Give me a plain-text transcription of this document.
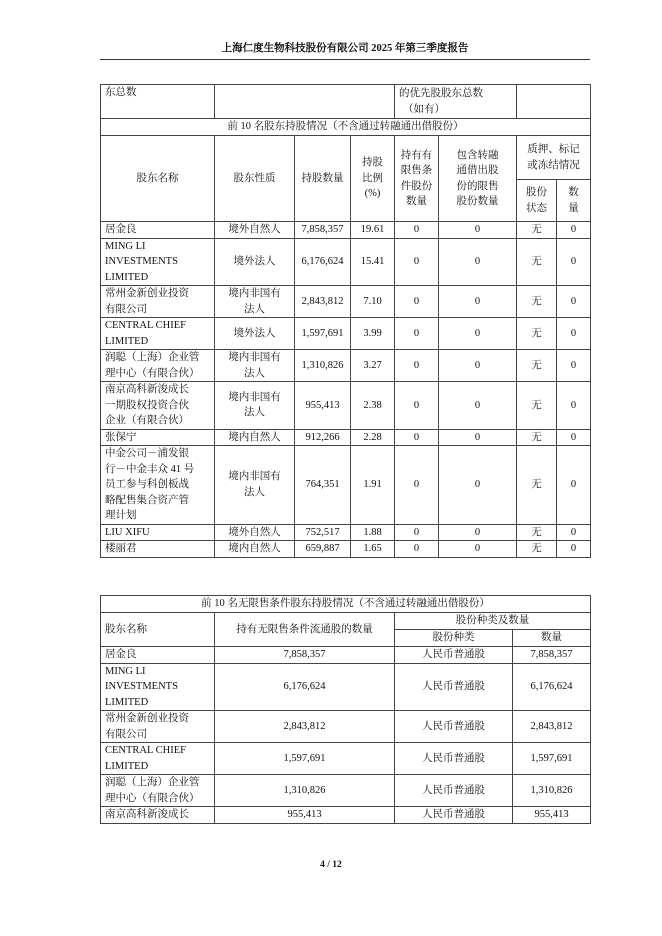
上海仁度生物科技股份有限公司 2025 年第三季度报告
东总数				的优先股股东总数
（如有）			
前 10 名股东持股情况（不含通过转融通出借股份）							
股东名称	股东性质	持股数量	持股
比例
(%)	持有有
限售条
件股份
数量	包含转融
通借出股
份的限售
股份数量	质押、标记
或冻结情况	
						股份
状态	数
量
居金良	境外自然人	7,858,357	19.61	0	0	无	0
MING LI
INVESTMENTS
LIMITED	境外法人	6,176,624	15.41	0	0	无	0
常州金新创业投资
有限公司	境内非国有
法人	2,843,812	7.10	0	0	无	0
CENTRAL CHIEF
LIMITED	境外法人	1,597,691	3.99	0	0	无	0
润聪（上海）企业管
理中心（有限合伙）	境内非国有
法人	1,310,826	3.27	0	0	无	0
南京高科新浚成长
一期股权投资合伙
企业（有限合伙）	境内非国有
法人	955,413	2.38	0	0	无	0
张保宁	境内自然人	912,266	2.28	0	0	无	0
中金公司－浦发银
行－中金丰众 41 号
员工参与科创板战
略配售集合资产管
理计划	境内非国有
法人	764,351	1.91	0	0	无	0
LIU XIFU	境外自然人	752,517	1.88	0	0	无	0
楼丽君	境内自然人	659,887	1.65	0	0	无	0
前 10 名无限售条件股东持股情况（不含通过转融通出借股份）			
股东名称	持有无限售条件流通股的数量	股份种类及数量	
		股份种类	数量
居金良	7,858,357	人民币普通股	7,858,357
MING LI
INVESTMENTS
LIMITED	6,176,624	人民币普通股	6,176,624
常州金新创业投资
有限公司	2,843,812	人民币普通股	2,843,812
CENTRAL CHIEF
LIMITED	1,597,691	人民币普通股	1,597,691
润聪（上海）企业管
理中心（有限合伙）	1,310,826	人民币普通股	1,310,826
南京高科新浚成长	955,413	人民币普通股	955,413
4 / 12
